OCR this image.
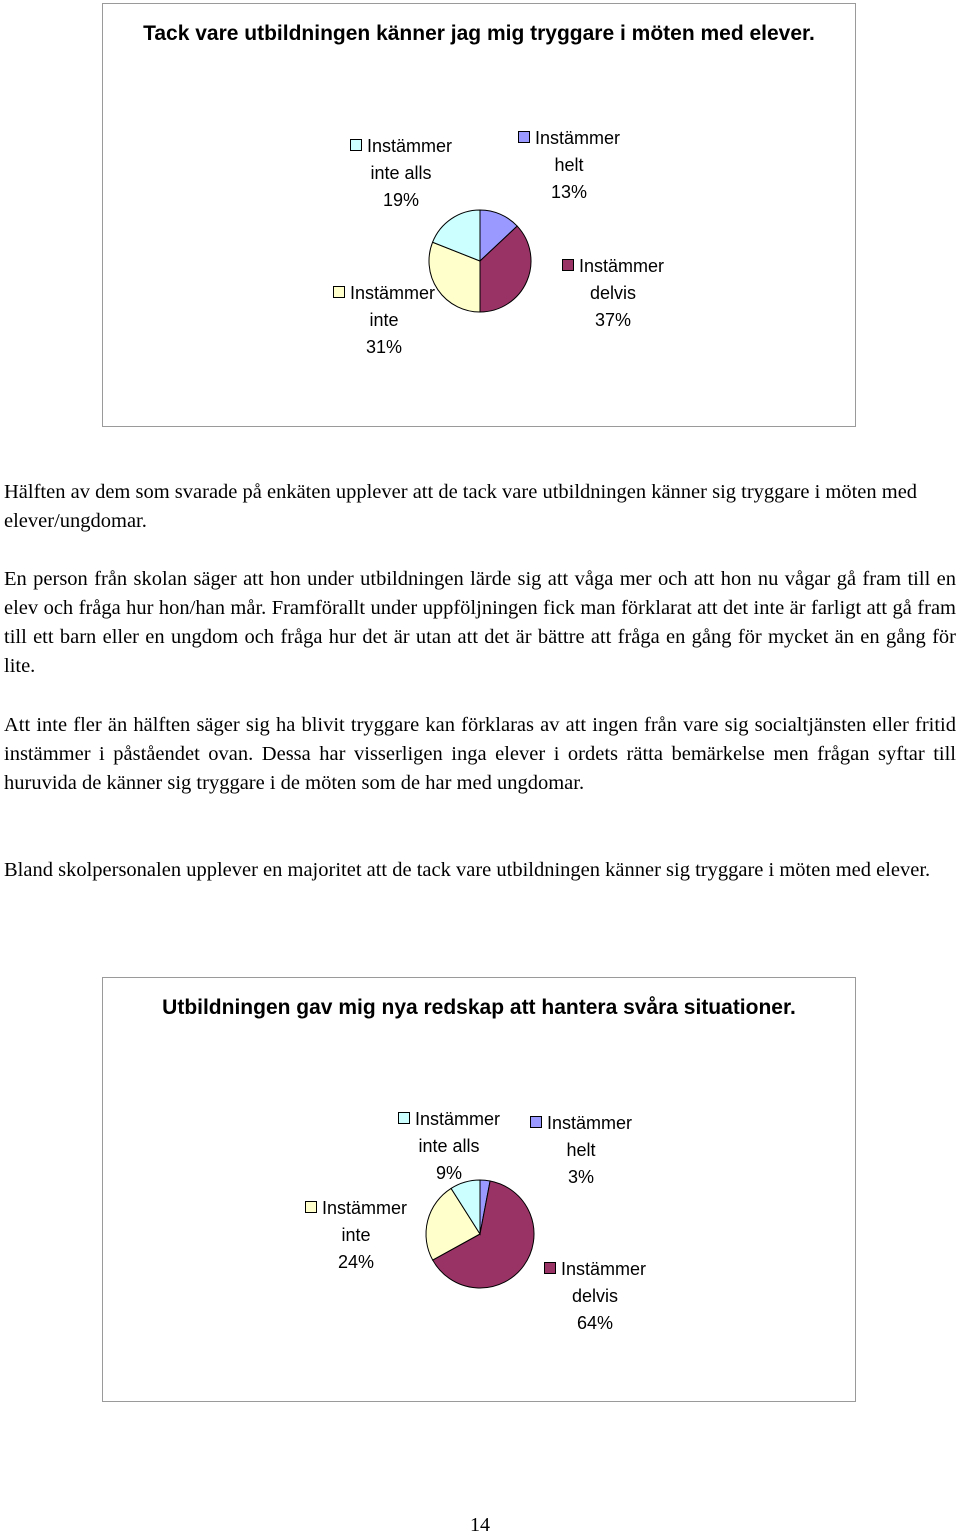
Tack vare utbildningen känner jag mig tryggare i möten med elever.
Instämmer
inte alls
19%
Instämmer
helt
13%
Instämmer
delvis
37%
Instämmer
inte
31%

Hälften av dem som svarade på enkäten upplever att de tack vare utbildningen känner sig tryggare i möten med elever/ungdomar.

En person från skolan säger att hon under utbildningen lärde sig att våga mer och att hon nu vågar gå fram till en elev och fråga hur hon/han mår. Framförallt under uppföljningen fick man förklarat att det inte är farligt att gå fram till ett barn eller en ungdom och fråga hur det är utan att det är bättre att fråga en gång för mycket än en gång för lite.

Att inte fler än hälften säger sig ha blivit tryggare kan förklaras av att ingen från vare sig socialtjänsten eller fritid instämmer i påståendet ovan. Dessa har visserligen inga elever i ordets rätta bemärkelse men frågan syftar till huruvida de känner sig tryggare i de möten som de har med ungdomar.

Bland skolpersonalen upplever en majoritet att de tack vare utbildningen känner sig tryggare i möten med elever.

Utbildningen gav mig nya redskap att hantera svåra situationer.
Instämmer
inte alls
9%
Instämmer
helt
3%
Instämmer
delvis
64%
Instämmer
inte
24%
14
